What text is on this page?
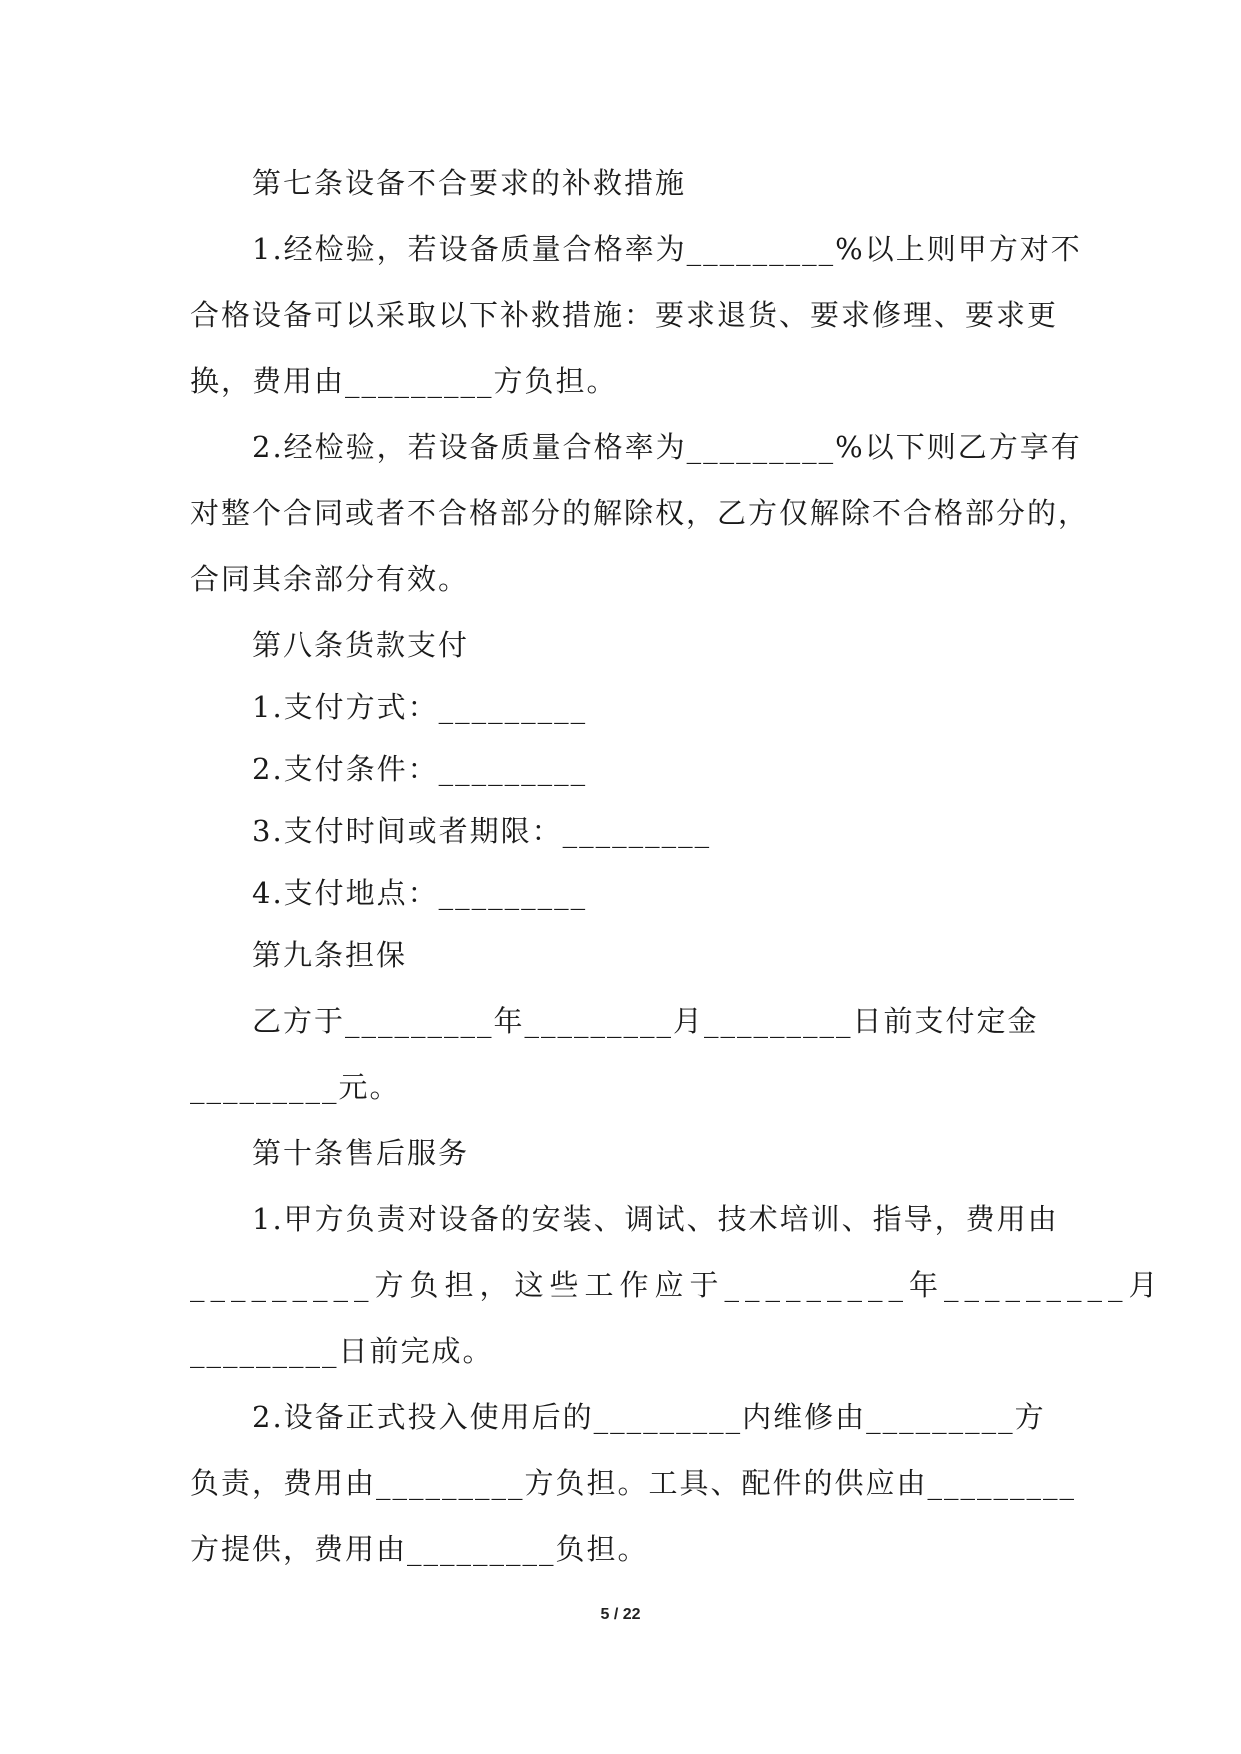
第七条设备不合要求的补救措施
1.经检验，若设备质量合格率为_________%以上则甲方对不
合格设备可以采取以下补救措施：要求退货、要求修理、要求更
换，费用由_________方负担。
2.经检验，若设备质量合格率为_________%以下则乙方享有
对整个合同或者不合格部分的解除权，乙方仅解除不合格部分的，
合同其余部分有效。
第八条货款支付
1.支付方式：_________
2.支付条件：_________
3.支付时间或者期限：_________
4.支付地点：_________
第九条担保
乙方于_________年_________月_________日前支付定金
_________元。
第十条售后服务
1.甲方负责对设备的安装、调试、技术培训、指导，费用由
_________方负担，这些工作应于_________年_________月
_________日前完成。
2.设备正式投入使用后的_________内维修由_________方
负责，费用由_________方负担。工具、配件的供应由_________
方提供，费用由_________负担。
5 / 22
